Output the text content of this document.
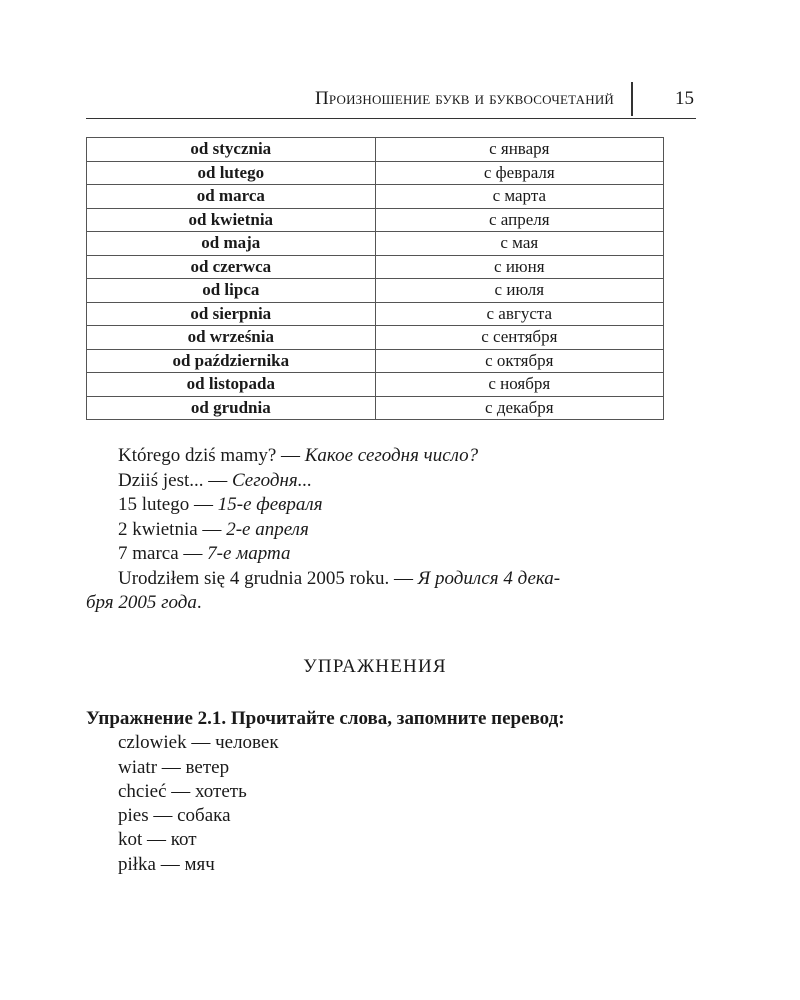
Произношение букв и буквосочетаний	15
od stycznia	с января
od lutego	с февраля
od marca	с марта
od kwietnia	с апреля
od maja	с мая
od czerwca	с июня
od lipca	с июля
od sierpnia	с августа
od września	с сентября
od października	с октября
od listopada	с ноября
od grudnia	с декабря
Którego dziś mamy? — Какое сегодня число?
Dziiś jest... — Сегодня...
15 lutego — 15-е февраля
2 kwietnia — 2-е апреля
7 marca — 7-е марта
Urodziłem się 4 grudnia 2005 roku. — Я родился 4 дека-
бря 2005 года.
УПРАЖНЕНИЯ
Упражнение 2.1. Прочитайте слова, запомните перевод:
czlowiek — человек
wiatr — ветер
chcieć — хотеть
pies — собака
kot — кот
piłka — мяч
